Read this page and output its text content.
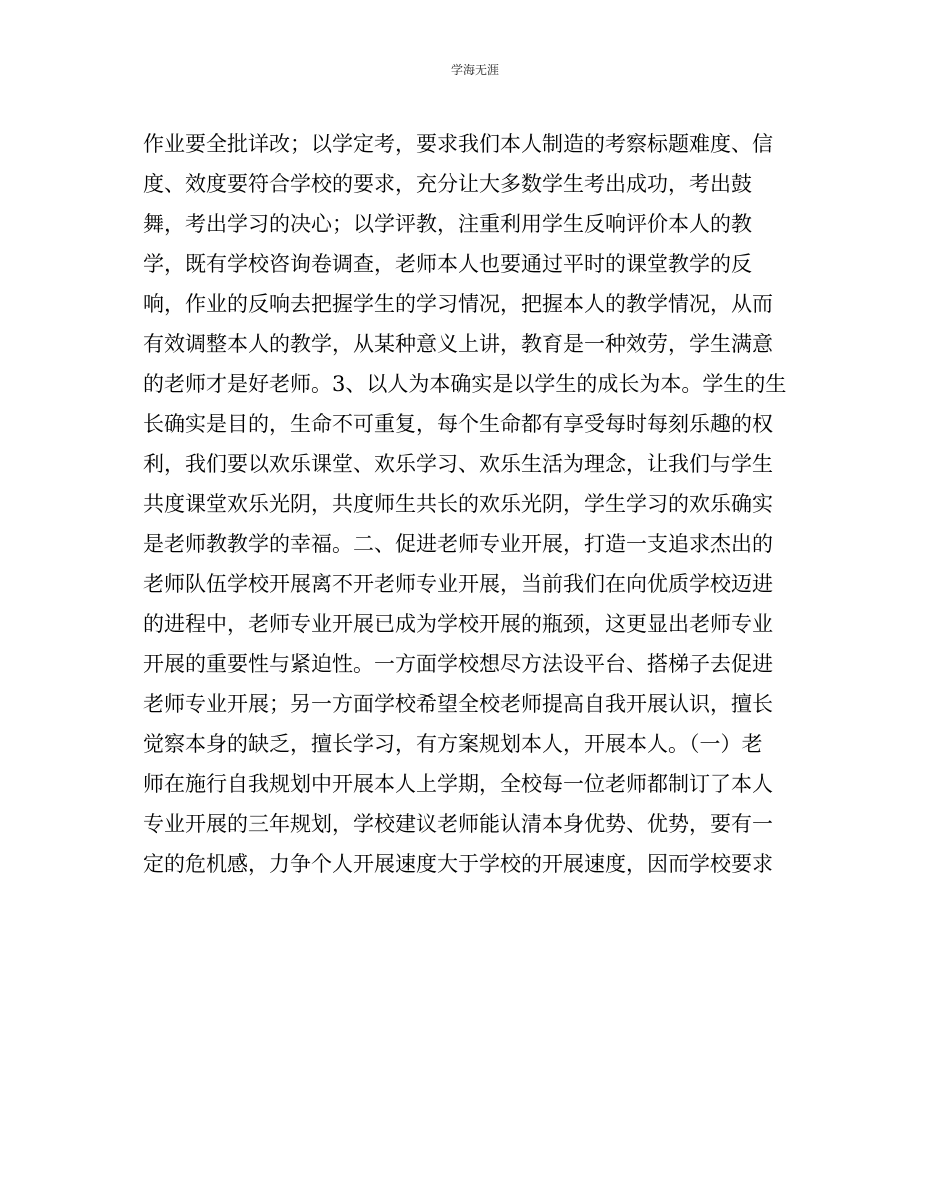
学海无涯
作业要全批详改；以学定考，要求我们本人制造的考察标题难度、信
度、效度要符合学校的要求，充分让大多数学生考出成功，考出鼓
舞，考出学习的决心；以学评教，注重利用学生反响评价本人的教
学，既有学校咨询卷调查，老师本人也要通过平时的课堂教学的反
响，作业的反响去把握学生的学习情况，把握本人的教学情况，从而
有效调整本人的教学，从某种意义上讲，教育是一种效劳，学生满意
的老师才是好老师。3、以人为本确实是以学生的成长为本。学生的生
长确实是目的，生命不可重复，每个生命都有享受每时每刻乐趣的权
利，我们要以欢乐课堂、欢乐学习、欢乐生活为理念，让我们与学生
共度课堂欢乐光阴，共度师生共长的欢乐光阴，学生学习的欢乐确实
是老师教教学的幸福。二、促进老师专业开展，打造一支追求杰出的
老师队伍学校开展离不开老师专业开展，当前我们在向优质学校迈进
的进程中，老师专业开展已成为学校开展的瓶颈，这更显出老师专业
开展的重要性与紧迫性。一方面学校想尽方法设平台、搭梯子去促进
老师专业开展；另一方面学校希望全校老师提高自我开展认识，擅长
觉察本身的缺乏，擅长学习，有方案规划本人，开展本人。（一）老
师在施行自我规划中开展本人上学期，全校每一位老师都制订了本人
专业开展的三年规划，学校建议老师能认清本身优势、优势，要有一
定的危机感，力争个人开展速度大于学校的开展速度，因而学校要求
